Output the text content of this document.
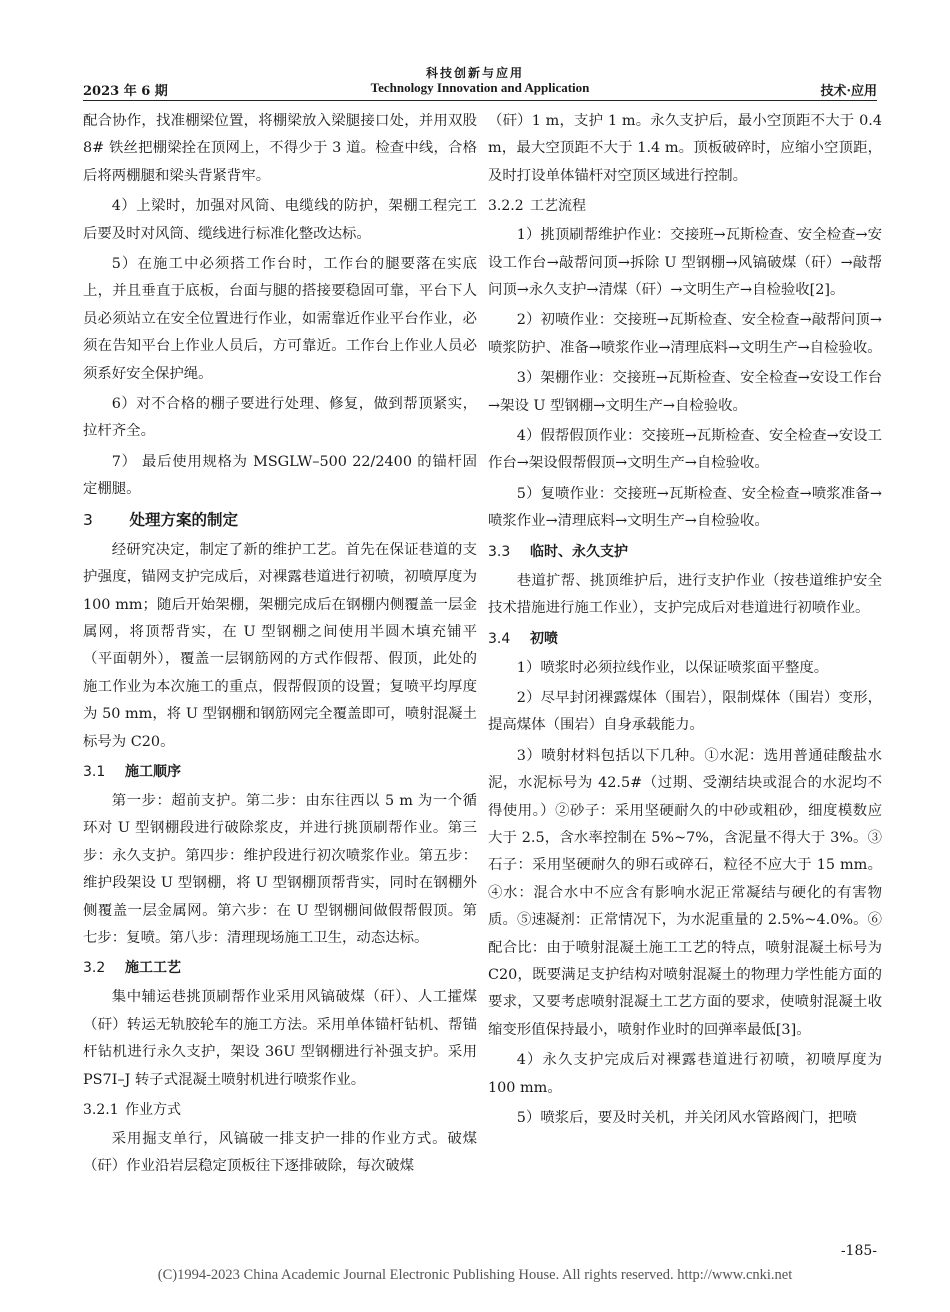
科技创新与应用
2023 年 6 期	Technology Innovation and Application	技术·应用

配合协作，找准棚梁位置，将棚梁放入梁腿接口处，并用双股 8# 铁丝把棚梁拴在顶网上，不得少于 3 道。检查中线，合格后将两棚腿和梁头背紧背牢。

4）上梁时，加强对风筒、电缆线的防护，架棚工程完工后要及时对风筒、缆线进行标准化整改达标。

5）在施工中必须搭工作台时，工作台的腿要落在实底上，并且垂直于底板，台面与腿的搭接要稳固可靠，平台下人员必须站立在安全位置进行作业，如需靠近作业平台作业，必须在告知平台上作业人员后，方可靠近。工作台上作业人员必须系好安全保护绳。

6）对不合格的棚子要进行处理、修复，做到帮顶紧实，拉杆齐全。

7） 最后使用规格为 MSGLW–500 22/2400 的锚杆固定棚腿。

3 处理方案的制定

经研究决定，制定了新的维护工艺。首先在保证巷道的支护强度，锚网支护完成后，对裸露巷道进行初喷，初喷厚度为 100 mm；随后开始架棚，架棚完成后在钢棚内侧覆盖一层金属网，将顶帮背实，在 U 型钢棚之间使用半圆木填充铺平（平面朝外），覆盖一层钢筋网的方式作假帮、假顶，此处的施工作业为本次施工的重点，假帮假顶的设置；复喷平均厚度为 50 mm，将 U 型钢棚和钢筋网完全覆盖即可，喷射混凝土标号为 C20。

3.1 施工顺序

第一步：超前支护。第二步：由东往西以 5 m 为一个循环对 U 型钢棚段进行破除浆皮，并进行挑顶刷帮作业。第三步：永久支护。第四步：维护段进行初次喷浆作业。第五步：维护段架设 U 型钢棚，将 U 型钢棚顶帮背实，同时在钢棚外侧覆盖一层金属网。第六步：在 U 型钢棚间做假帮假顶。第七步：复喷。第八步：清理现场施工卫生，动态达标。

3.2 施工工艺

集中辅运巷挑顶刷帮作业采用风镐破煤（矸）、人工攉煤（矸）转运无轨胶轮车的施工方法。采用单体锚杆钻机、帮锚杆钻机进行永久支护，架设 36U 型钢棚进行补强支护。采用 PS7I–J 转子式混凝土喷射机进行喷浆作业。

3.2.1 作业方式

采用掘支单行，风镐破一排支护一排的作业方式。破煤（矸）作业沿岩层稳定顶板往下逐排破除，每次破煤

（矸）1 m，支护 1 m。永久支护后，最小空顶距不大于 0.4 m，最大空顶距不大于 1.4 m。顶板破碎时，应缩小空顶距，及时打设单体锚杆对空顶区域进行控制。

3.2.2 工艺流程

1）挑顶刷帮维护作业：交接班→瓦斯检查、安全检查→安设工作台→敲帮问顶→拆除 U 型钢棚→风镐破煤（矸）→敲帮问顶→永久支护→清煤（矸）→文明生产→自检验收[2]。

2）初喷作业：交接班→瓦斯检查、安全检查→敲帮问顶→喷浆防护、准备→喷浆作业→清理底料→文明生产→自检验收。

3）架棚作业：交接班→瓦斯检查、安全检查→安设工作台→架设 U 型钢棚→文明生产→自检验收。

4）假帮假顶作业：交接班→瓦斯检查、安全检查→安设工作台→架设假帮假顶→文明生产→自检验收。

5）复喷作业：交接班→瓦斯检查、安全检查→喷浆准备→喷浆作业→清理底料→文明生产→自检验收。

3.3 临时、永久支护

巷道扩帮、挑顶维护后，进行支护作业（按巷道维护安全技术措施进行施工作业），支护完成后对巷道进行初喷作业。

3.4 初喷

1）喷浆时必须拉线作业，以保证喷浆面平整度。

2）尽早封闭裸露煤体（围岩），限制煤体（围岩）变形，提高煤体（围岩）自身承载能力。

3）喷射材料包括以下几种。①水泥：选用普通硅酸盐水泥，水泥标号为 42.5#（过期、受潮结块或混合的水泥均不得使用。）②砂子：采用坚硬耐久的中砂或粗砂，细度模数应大于 2.5，含水率控制在 5%~7%，含泥量不得大于 3%。③石子：采用坚硬耐久的卵石或碎石，粒径不应大于 15 mm。④水：混合水中不应含有影响水泥正常凝结与硬化的有害物质。⑤速凝剂：正常情况下，为水泥重量的 2.5%~4.0%。⑥配合比：由于喷射混凝土施工工艺的特点，喷射混凝土标号为 C20，既要满足支护结构对喷射混凝土的物理力学性能方面的要求，又要考虑喷射混凝土工艺方面的要求，使喷射混凝土收缩变形值保持最小，喷射作业时的回弹率最低[3]。

4）永久支护完成后对裸露巷道进行初喷，初喷厚度为 100 mm。

5）喷浆后，要及时关机，并关闭风水管路阀门，把喷

-185-
(C)1994-2023 China Academic Journal Electronic Publishing House. All rights reserved. http://www.cnki.net
